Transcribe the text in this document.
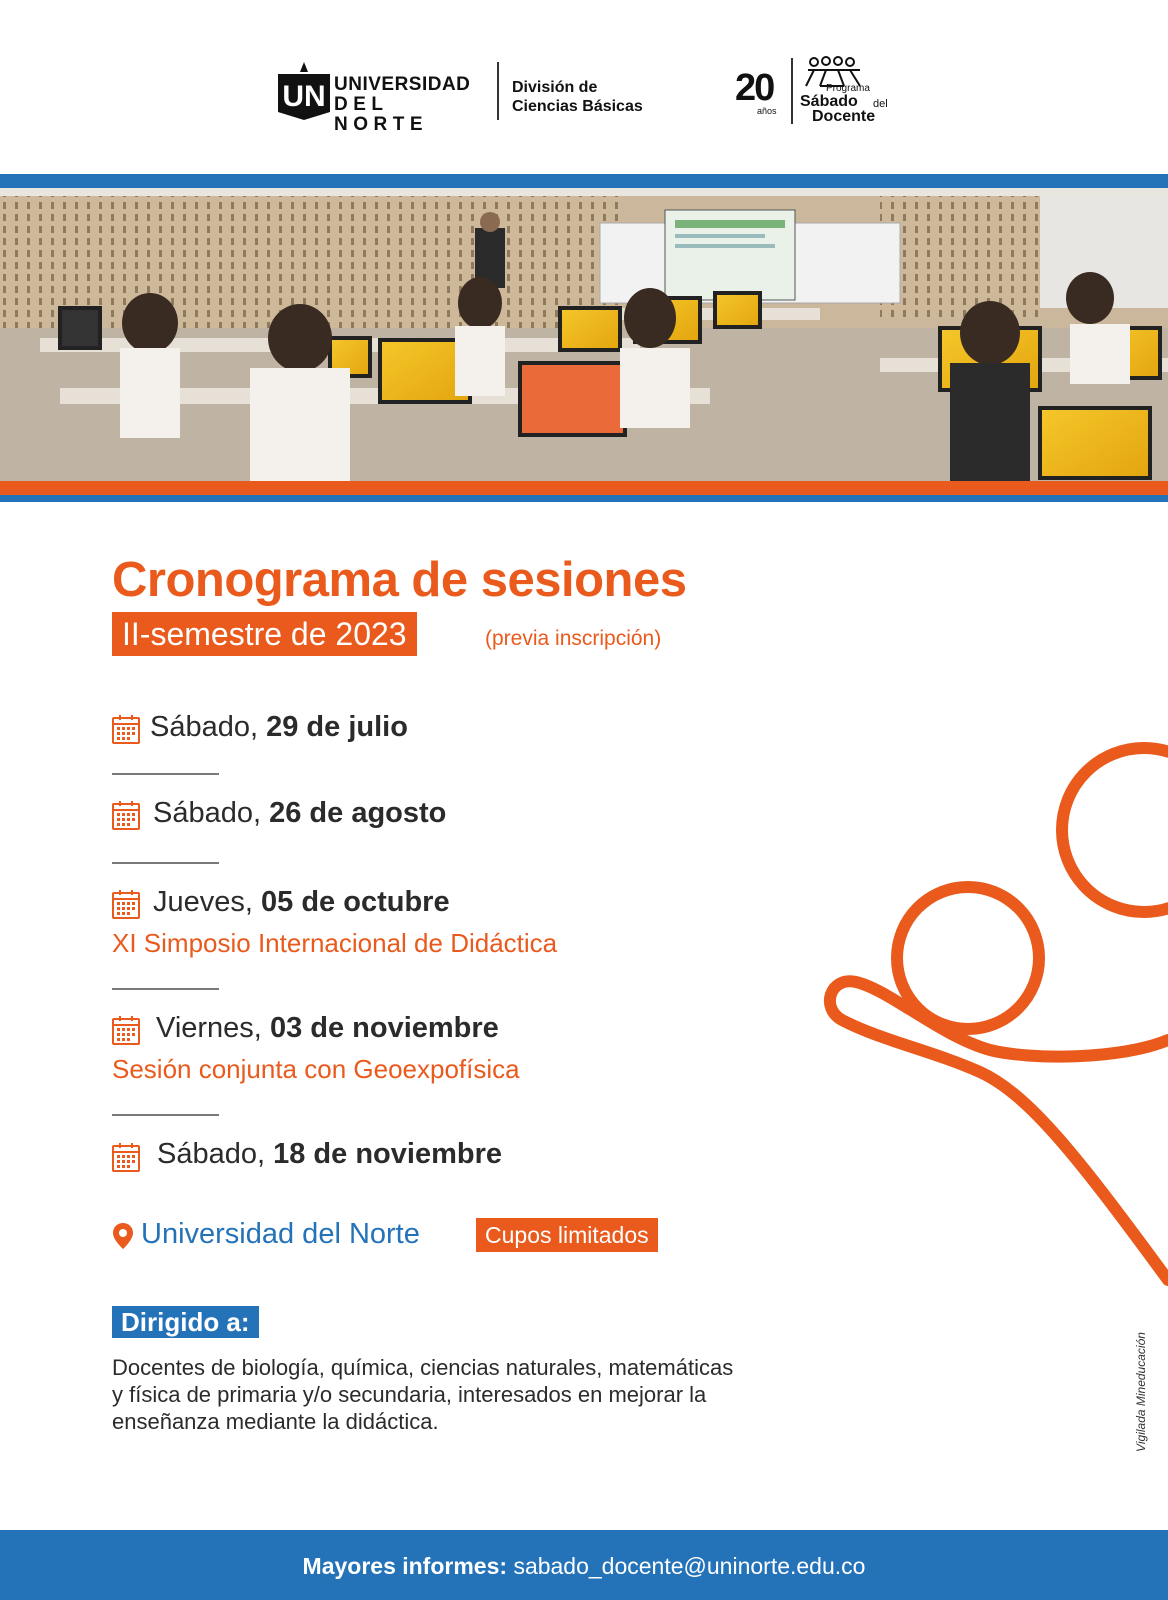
UN UNIVERSIDAD
DEL NORTE
División de
Ciencias Básicas 20
años
Programa
Sábado del
Docente
Cronograma de sesiones
II-semestre de 2023	(previa inscripción)
Sábado, 29 de julio
Sábado, 26 de agosto
Jueves, 05 de octubre
XI Simposio Internacional de Didáctica
Viernes, 03 de noviembre
Sesión conjunta con Geoexpofísica
Sábado, 18 de noviembre
Universidad del Norte	Cupos limitados
Dirigido a:
Docentes de biología, química, ciencias naturales, matemáticas
y física de primaria y/o secundaria, interesados en mejorar la
enseñanza mediante la didáctica.	Vigilada Mineducación
Mayores informes: sabado_docente@uninorte.edu.co
